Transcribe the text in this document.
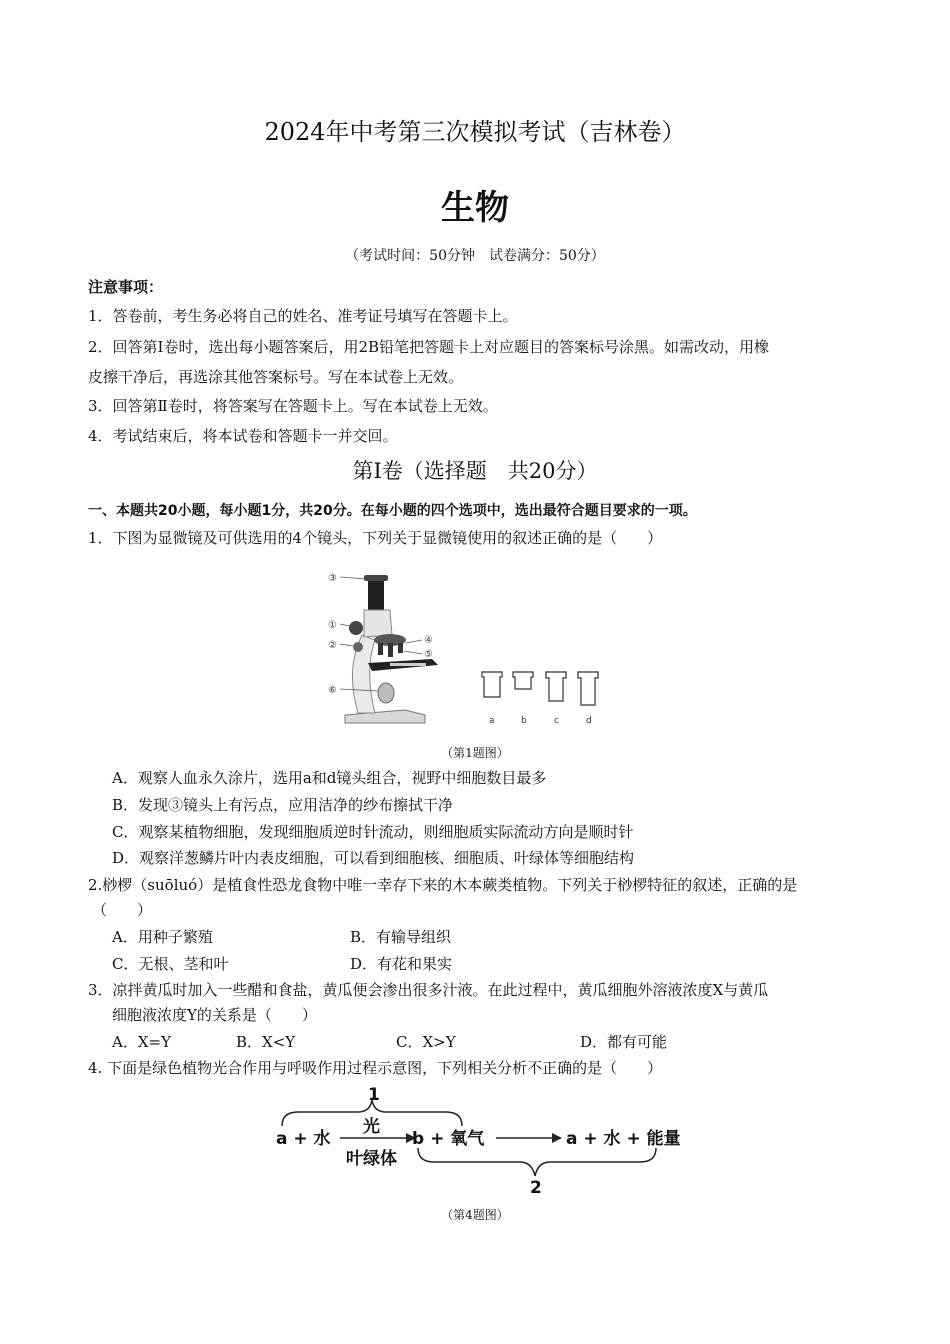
2024年中考第三次模拟考试（吉林卷）
生物
（考试时间：50分钟　试卷满分：50分）
注意事项：
1．答卷前，考生务必将自己的姓名、准考证号填写在答题卡上。
2．回答第Ⅰ卷时，选出每小题答案后，用2B铅笔把答题卡上对应题目的答案标号涂黑。如需改动，用橡
皮擦干净后，再选涂其他答案标号。写在本试卷上无效。
3．回答第Ⅱ卷时，将答案写在答题卡上。写在本试卷上无效。
4．考试结束后，将本试卷和答题卡一并交回。
第Ⅰ卷（选择题　共20分）
一、本题共20小题，每小题1分，共20分。在每小题的四个选项中，选出最符合题目要求的一项。
1．下图为显微镜及可供选用的4个镜头，下列关于显微镜使用的叙述正确的是（　　）
③
①
②	④
⑤
⑥
a	b	c	d
（第1题图）
A．观察人血永久涂片，选用a和d镜头组合，视野中细胞数目最多
B．发现③镜头上有污点，应用洁净的纱布擦拭干净
C．观察某植物细胞，发现细胞质逆时针流动，则细胞质实际流动方向是顺时针
D．观察洋葱鳞片叶内表皮细胞，可以看到细胞核、细胞质、叶绿体等细胞结构
2.桫椤（suōluó）是植食性恐龙食物中唯一幸存下来的木本蕨类植物。下列关于桫椤特征的叙述，正确的是
（　　）
A．用种子繁殖	B．有输导组织
C．无根、茎和叶	D．有花和果实
3．凉拌黄瓜时加入一些醋和食盐，黄瓜便会渗出很多汁液。在此过程中，黄瓜细胞外溶液浓度X与黄瓜
细胞液浓度Y的关系是（　　）
A．X=Y	B．X<Y	C．X>Y	D．都有可能
4. 下面是绿色植物光合作用与呼吸作用过程示意图，下列相关分析不正确的是（　　）
1
2
a + 水
光
叶绿体
b + 氧气	a + 水 + 能量
（第4题图）
